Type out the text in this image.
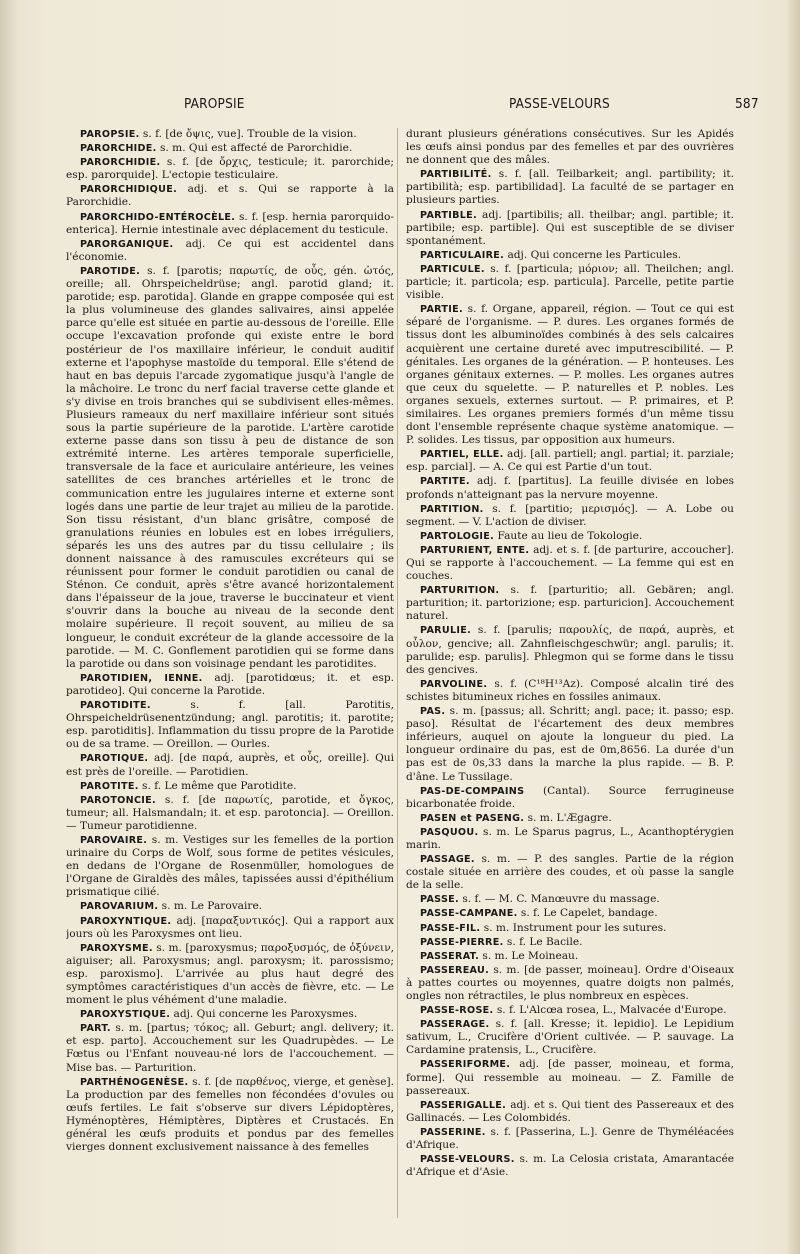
PAROPSIE	PASSE-VELOURS	587

PAROPSIE. s. f. [de ὄψις, vue]. Trouble de la vision.

PARORCHIDE. s. m. Qui est affecté de Parorchidie.

PARORCHIDIE. s. f. [de ὄρχις, testicule; it. parorchide; esp. parorquide]. L'ectopie testiculaire.

PARORCHIDIQUE. adj. et s. Qui se rapporte à la Parorchidie.

PARORCHIDO-ENTÉROCÈLE. s. f. [esp. hernia parorquido-enterica]. Hernie intestinale avec déplacement du testicule.

PARORGANIQUE. adj. Ce qui est accidentel dans l'économie.

PAROTIDE. s. f. [parotis; παρωτίς, de οὖς, gén. ὠτός, oreille; all. Ohrspeicheldrüse; angl. parotid gland; it. parotide; esp. parotida]. Glande en grappe composée qui est la plus volumineuse des glandes salivaires, ainsi appelée parce qu'elle est située en partie au-dessous de l'oreille. Elle occupe l'excavation profonde qui existe entre le bord postérieur de l'os maxillaire inférieur, le conduit auditif externe et l'apophyse mastoïde du temporal. Elle s'étend de haut en bas depuis l'arcade zygomatique jusqu'à l'angle de la mâchoire. Le tronc du nerf facial traverse cette glande et s'y divise en trois branches qui se subdivisent elles-mêmes. Plusieurs rameaux du nerf maxillaire inférieur sont situés sous la partie supérieure de la parotide. L'artère carotide externe passe dans son tissu à peu de distance de son extrémité interne. Les artères temporale superficielle, transversale de la face et auriculaire antérieure, les veines satellites de ces branches artérielles et le tronc de communication entre les jugulaires interne et externe sont logés dans une partie de leur trajet au milieu de la parotide. Son tissu résistant, d'un blanc grisâtre, composé de granulations réunies en lobules est en lobes irréguliers, séparés les uns des autres par du tissu cellulaire ; ils donnent naissance à des ramuscules excréteurs qui se réunissent pour former le conduit parotidien ou canal de Sténon. Ce conduit, après s'être avancé horizontalement dans l'épaisseur de la joue, traverse le buccinateur et vient s'ouvrir dans la bouche au niveau de la seconde dent molaire supérieure. Il reçoit souvent, au milieu de sa longueur, le conduit excréteur de la glande accessoire de la parotide. — M. C. Gonflement parotidien qui se forme dans la parotide ou dans son voisinage pendant les parotidites.

PAROTIDIEN, IENNE. adj. [parotidœus; it. et esp. parotideo]. Qui concerne la Parotide.

PAROTIDITE. s. f. [all. Parotitis, Ohrspeicheldrüsenentzündung; angl. parotitis; it. parotite; esp. parotiditis]. Inflammation du tissu propre de la Parotide ou de sa trame. — Oreillon. — Ourles.

PAROTIQUE. adj. [de παρά, auprès, et οὖς, oreille]. Qui est près de l'oreille. — Parotidien.

PAROTITE. s. f. Le même que Parotidite.

PAROTONCIE. s. f. [de παρωτίς, parotide, et ὄγκος, tumeur; all. Halsmandaln; it. et esp. parotoncia]. — Oreillon. — Tumeur parotidienne.

PAROVAIRE. s. m. Vestiges sur les femelles de la portion urinaire du Corps de Wolf, sous forme de petites vésicules, en dedans de l'Organe de Rosenmüller, homologues de l'Organe de Giraldès des mâles, tapissées aussi d'épithélium prismatique cilié.

PAROVARIUM. s. m. Le Parovaire.

PAROXYNTIQUE. adj. [παραξυντικός]. Qui a rapport aux jours où les Paroxysmes ont lieu.

PAROXYSME. s. m. [paroxysmus; παροξυσμός, de ὀξύνειν, aiguiser; all. Paroxysmus; angl. paroxysm; it. parossismo; esp. paroxismo]. L'arrivée au plus haut degré des symptômes caractéristiques d'un accès de fièvre, etc. — Le moment le plus véhément d'une maladie.

PAROXYSTIQUE. adj. Qui concerne les Paroxysmes.

PART. s. m. [partus; τόκος; all. Geburt; angl. delivery; it. et esp. parto]. Accouchement sur les Quadrupèdes. — Le Fœtus ou l'Enfant nouveau-né lors de l'accouchement. — Mise bas. — Parturition.

PARTHÉNOGENÈSE. s. f. [de παρθένος, vierge, et genèse]. La production par des femelles non fécondées d'ovules ou œufs fertiles. Le fait s'observe sur divers Lépidoptères, Hyménoptères, Hémiptères, Diptères et Crustacés. En général les œufs produits et pondus par des femelles vierges donnent exclusivement naissance à des femelles

durant plusieurs générations consécutives. Sur les Apidés les œufs ainsi pondus par des femelles et par des ouvrières ne donnent que des mâles.

PARTIBILITÉ. s. f. [all. Teilbarkeit; angl. partibility; it. partibilità; esp. partibilidad]. La faculté de se partager en plusieurs parties.

PARTIBLE. adj. [partibilis; all. theilbar; angl. partible; it. partibile; esp. partible]. Qui est susceptible de se diviser spontanément.

PARTICULAIRE. adj. Qui concerne les Particules.

PARTICULE. s. f. [particula; μόριον; all. Theilchen; angl. particle; it. particola; esp. particula]. Parcelle, petite partie visible.

PARTIE. s. f. Organe, appareil, région. — Tout ce qui est séparé de l'organisme. — P. dures. Les organes formés de tissus dont les albuminoïdes combinés à des sels calcaires acquièrent une certaine dureté avec imputrescibilité. — P. génitales. Les organes de la génération. — P. honteuses. Les organes génitaux externes. — P. molles. Les organes autres que ceux du squelette. — P. naturelles et P. nobles. Les organes sexuels, externes surtout. — P. primaires, et P. similaires. Les organes premiers formés d'un même tissu dont l'ensemble représente chaque système anatomique. — P. solides. Les tissus, par opposition aux humeurs.

PARTIEL, ELLE. adj. [all. partiell; angl. partial; it. parziale; esp. parcial]. — A. Ce qui est Partie d'un tout.

PARTITE. adj. f. [partitus]. La feuille divisée en lobes profonds n'atteignant pas la nervure moyenne.

PARTITION. s. f. [partitio; μερισμός]. — A. Lobe ou segment. — V. L'action de diviser.

PARTOLOGIE. Faute au lieu de Tokologie.

PARTURIENT, ENTE. adj. et s. f. [de parturire, accoucher]. Qui se rapporte à l'accouchement. — La femme qui est en couches.

PARTURITION. s. f. [parturitio; all. Gebären; angl. parturition; it. partorizione; esp. parturicion]. Accouchement naturel.

PARULIE. s. f. [parulis; παρουλίς, de παρά, auprès, et οὖλον, gencive; all. Zahnfleischgeschwür; angl. parulis; it. parulide; esp. parulis]. Phlegmon qui se forme dans le tissu des gencives.

PARVOLINE. s. f. (C¹⁸H¹³Az). Composé alcalin tiré des schistes bitumineux riches en fossiles animaux.

PAS. s. m. [passus; all. Schritt; angl. pace; it. passo; esp. paso]. Résultat de l'écartement des deux membres inférieurs, auquel on ajoute la longueur du pied. La longueur ordinaire du pas, est de 0m,8656. La durée d'un pas est de 0s,33 dans la marche la plus rapide. — B. P. d'âne. Le Tussilage.

PAS-DE-COMPAINS (Cantal). Source ferrugineuse bicarbonatée froide.

PASEN et PASENG. s. m. L'Ægagre.

PASQUOU. s. m. Le Sparus pagrus, L., Acanthoptérygien marin.

PASSAGE. s. m. — P. des sangles. Partie de la région costale située en arrière des coudes, et où passe la sangle de la selle.

PASSE. s. f. — M. C. Manœuvre du massage.

PASSE-CAMPANE. s. f. Le Capelet, bandage.

PASSE-FIL. s. m. Instrument pour les sutures.

PASSE-PIERRE. s. f. Le Bacile.

PASSERAT. s. m. Le Moineau.

PASSEREAU. s. m. [de passer, moineau]. Ordre d'Oiseaux à pattes courtes ou moyennes, quatre doigts non palmés, ongles non rétractiles, le plus nombreux en espèces.

PASSE-ROSE. s. f. L'Alcœa rosea, L., Malvacée d'Europe.

PASSERAGE. s. f. [all. Kresse; it. lepidio]. Le Lepidium sativum, L., Crucifère d'Orient cultivée. — P. sauvage. La Cardamine pratensis, L., Crucifère.

PASSERIFORME. adj. [de passer, moineau, et forma, forme]. Qui ressemble au moineau. — Z. Famille de passereaux.

PASSERIGALLE. adj. et s. Qui tient des Passereaux et des Gallinacés. — Les Colombidés.

PASSERINE. s. f. [Passerina, L.]. Genre de Thyméléacées d'Afrique.

PASSE-VELOURS. s. m. La Celosia cristata, Amarantacée d'Afrique et d'Asie.
